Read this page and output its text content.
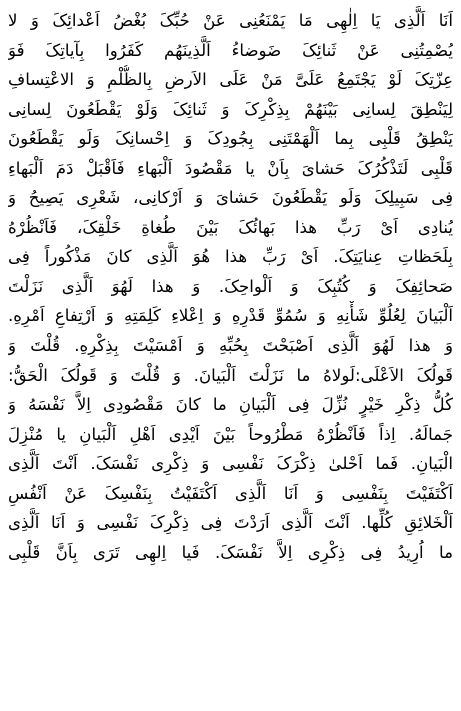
اَنَا اَلَّذِی یَا اِلٰهِی مَا یَمْنَعُنِی عَنْ حُبِّکَ بُغْضُ اَعْدائِکَ وَ لا
یُصْمِتُنِی عَنْ ثَنائِکَ ضَوضاءُ اَلَّذِینَهُم کَفَرُوا بِآیاتِکَ فَوَ
عِزّتِکَ لَوْ یَجْتَمِعُ عَلَیَّ مَنْ عَلَی الاَرضِ بِالظُّلْمِ وَ الاعْتِسافِ
لِیَنْطِقَ لِسانِی بَیْنَهُمْ بِذِکْرِکَ وَ ثَنائِکَ وَلَوْ یَقْطَعُونَ لِسانِی
یَنْطِقُ قَلْبِی بِما اَلْهَمْتَنِی بِجُودِکَ وَ اِحْسانِکَ وَلَو یَقْطَعُونَ
قَلْبِی لَتَذْکُرُکَ حَشایَ بِاَنْ یا مَقْصُودَ اَلْبَهاءِ فَاَقْبَلْ دَمَ اَلْبَهاءِ
فِی سَبِیلِکَ وَلَو یَقْطَعُونَ حَشایَ وَ اَرْکانِی، شَعْرِی یَصِیحُ وَ
یُنادِی اَیْ رَبِّ هذا بَهائُکَ بَیْنَ طُغاةِ خَلْقِکَ، فَاَنْظُرْهُ
بِلَحَظاتِ عِنایَتِکَ. اَیْ رَبِّ هذا هُوَ اَلَّذِی کانَ مَذْکُوراً فِی
صَحائِفِکَ وَ کُتُبِکَ وَ اَلْواحِکَ. وَ هذا لَهُوَ اَلَّذِی نَزَلْتَ
اَلْبَیانَ لِعُلُوِّ شَأْنِهِ وَ سُمُوِّ قَدْرِهِ وَ اِعْلاءِ کَلِمَتِهِ وَ اَرْتِفاعِ اَمْرِهِ.
وَ هذا لَهُوَ اَلَّذِی اَصْبَحْتَ بِحُبِّهِ وَ اَمْسَیْتَ بِذِکْرِهِ. قُلْتَ وَ
قَولُکَ الاَعْلَی:لَولاهُ ما نَزَلْتَ اَلْبَیانَ. وَ قُلْتَ وَ قَولُکَ الْحَقُّ:
کُلُّ ذِکْرِ خَیْرٍ نُزِّلَ فِی اَلْبَیانِ ما کانَ مَقْصُودِی اِلاَّ نَفْسَهُ وَ
جَمالَهُ. اِذاً فَاَنْظُرْهُ مَطْرُوحاً بَیْنَ اَیْدِی اَهْلِ اَلْبَیانِ یا مُنْزِلَ
الْبَیانِ. فَما اَحْلیٰ ذِکْرَکَ نَفْسِی وَ ذِکْرِی نَفْسَکَ. اَنْتَ اَلَّذِی
اَکْتَفَیْتَ بِنَفْسِی وَ اَنَا اَلَّذِی اَکْتَفَیْتُ بِنَفْسِکَ عَنْ اَنْفُسِ
اَلْخَلائِقِ کُلِّها. اَنْتَ اَلَّذِی اَرَدْتَ فِی ذِکْرِکَ نَفْسِی وَ اَنَا اَلَّذِی
ما اُرِیدُ فِی ذِکْرِی اِلاَّ نَفْسَکَ. فَیا اِلهِی تَرَی بِاَنَّ قَلْبِی
